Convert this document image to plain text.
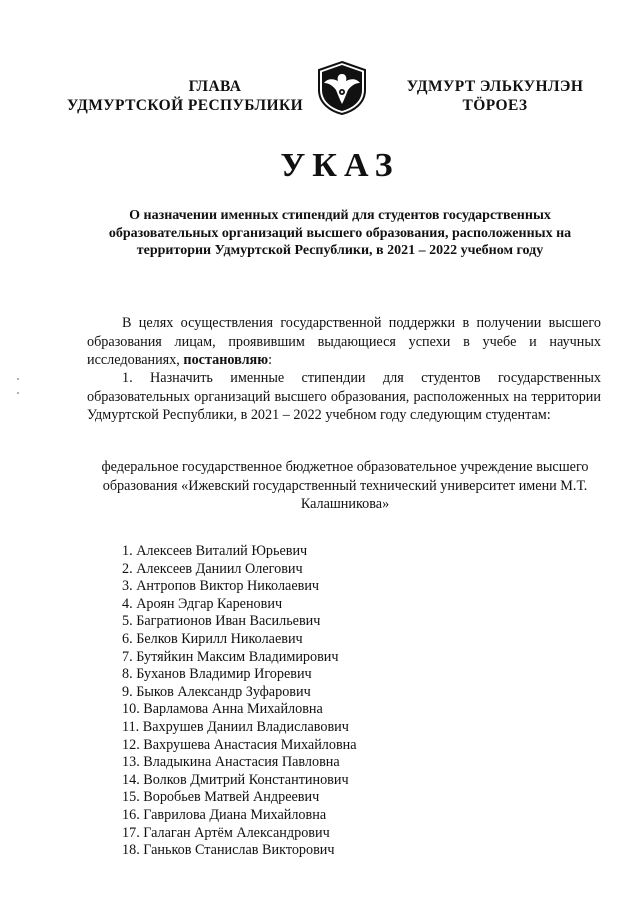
ГЛАВА
УДМУРТСКОЙ РЕСПУБЛИКИ
УДМУРТ ЭЛЬКУНЛЭН
ТӦРОЕЗ
УКАЗ
О назначении именных стипендий для студентов государственных образовательных организаций высшего образования, расположенных на территории Удмуртской Республики, в 2021 – 2022 учебном году

В целях осуществления государственной поддержки в получении высшего образования лицам, проявившим выдающиеся успехи в учебе и научных исследованиях, постановляю:

1. Назначить именные стипендии для студентов государственных образовательных организаций высшего образования, расположенных на территории Удмуртской Республики, в 2021 – 2022 учебном году следующим студентам:

федеральное государственное бюджетное образовательное учреждение высшего образования «Ижевский государственный технический университет имени М.Т. Калашникова»
1. Алексеев Виталий Юрьевич
2. Алексеев Даниил Олегович
3. Антропов Виктор Николаевич
4. Ароян Эдгар Каренович
5. Багратионов Иван Васильевич
6. Белков Кирилл Николаевич
7. Бутяйкин Максим Владимирович
8. Буханов Владимир Игоревич
9. Быков Александр Зуфарович
10. Варламова Анна Михайловна
11. Вахрушев Даниил Владиславович
12. Вахрушева Анастасия Михайловна
13. Владыкина Анастасия Павловна
14. Волков Дмитрий Константинович
15. Воробьев Матвей Андреевич
16. Гаврилова Диана Михайловна
17. Галаган Артём Александрович
18. Ганьков Станислав Викторович
